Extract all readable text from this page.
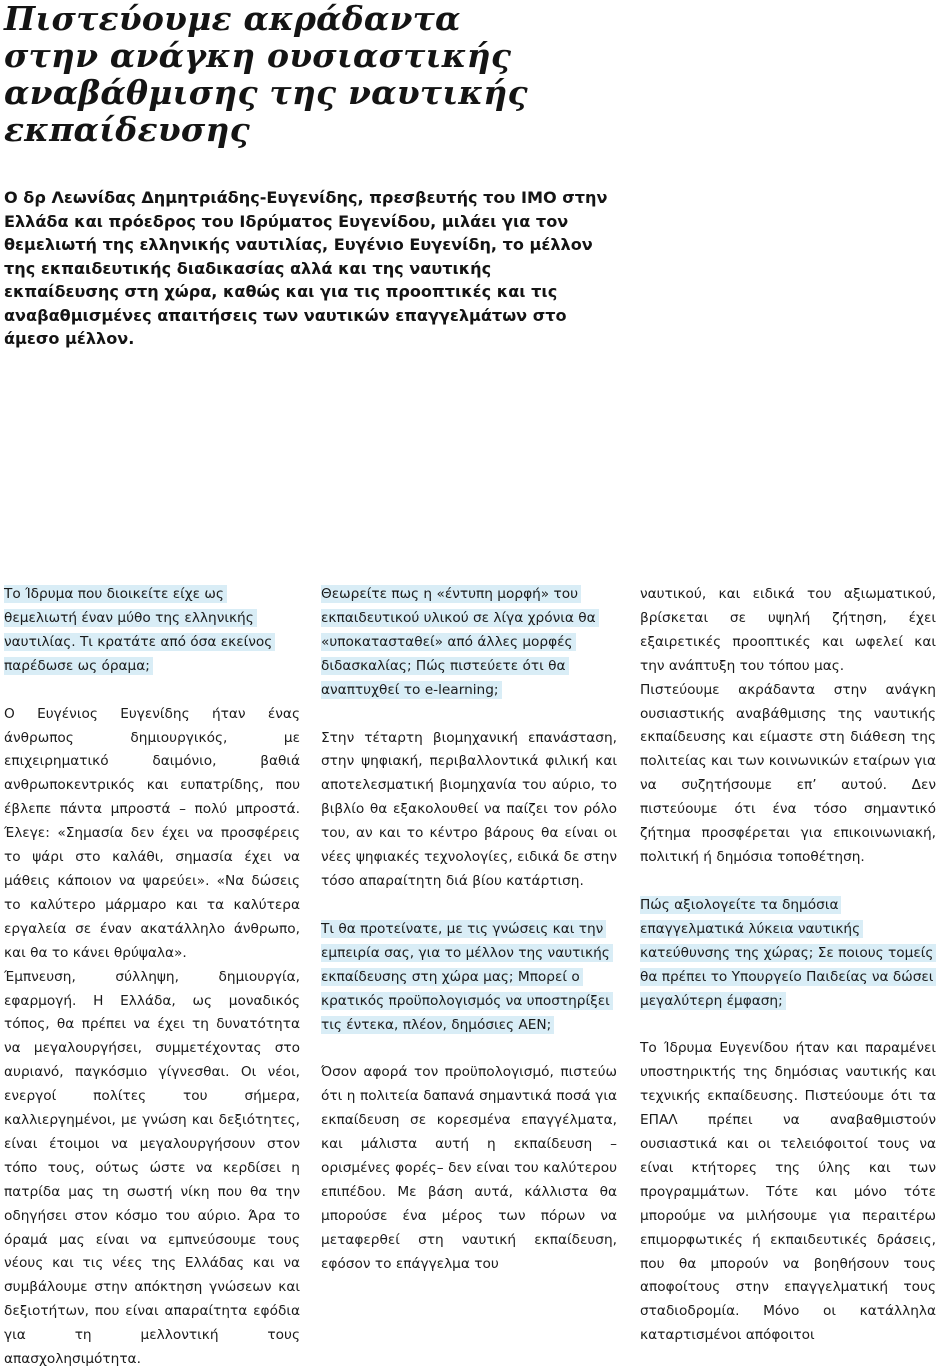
Πιστεύουμε ακράδαντα στην ανάγκη ουσιαστικής αναβάθμισης της ναυτικής εκπαίδευσης

Ο δρ Λεωνίδας Δημητριάδης-Ευγενίδης, πρεσβευτής του ΙΜΟ στην Ελλάδα και πρόεδρος του Ιδρύματος Ευγενίδου, μιλάει για τον θεμελιωτή της ελληνικής ναυτιλίας, Ευγένιο Ευγενίδη, το μέλλον της εκπαιδευτικής διαδικασίας αλλά και της ναυτικής εκπαίδευσης στη χώρα, καθώς και για τις προοπτικές και τις αναβαθμισμένες απαιτήσεις των ναυτικών επαγγελμάτων στο άμεσο μέλλον.

Το Ίδρυμα που διοικείτε είχε ως θεμελιωτή έναν μύθο της ελληνικής ναυτιλίας. Τι κρατάτε από όσα εκείνος παρέδωσε ως όραμα;

Ο Ευγένιος Ευγενίδης ήταν ένας άνθρωπος δημιουργικός, με επιχειρηματικό δαιμόνιο, βαθιά ανθρωποκεντρικός και ευπατρίδης, που έβλεπε πάντα μπροστά – πολύ μπροστά. Έλεγε: «Σημασία δεν έχει να προσφέρεις το ψάρι στο καλάθι, σημασία έχει να μάθεις κάποιον να ψαρεύει». «Να δώσεις το καλύτερο μάρμαρο και τα καλύτερα εργαλεία σε έναν ακατάλληλο άνθρωπο, και θα το κάνει θρύψαλα».

Έμπνευση, σύλληψη, δημιουργία, εφαρμογή. Η Ελλάδα, ως μοναδικός τόπος, θα πρέπει να έχει τη δυνατότητα να μεγαλουργήσει, συμμετέχοντας στο αυριανό, παγκόσμιο γίγνεσθαι. Οι νέοι, ενεργοί πολίτες του σήμερα, καλλιεργημένοι, με γνώση και δεξιότητες, είναι έτοιμοι να μεγαλουργήσουν στον τόπο τους, ούτως ώστε να κερδίσει η πατρίδα μας τη σωστή νίκη που θα την οδηγήσει στον κόσμο του αύριο. Άρα το όραμά μας είναι να εμπνεύσουμε τους νέους και τις νέες της Ελλάδας και να συμβάλουμε στην απόκτηση γνώσεων και δεξιοτήτων, που είναι απαραίτητα εφόδια για τη μελλοντική τους απασχολησιμότητα.

Θεωρείτε πως η «έντυπη μορφή» του εκπαιδευτικού υλικού σε λίγα χρόνια θα «υποκατασταθεί» από άλλες μορφές διδασκαλίας; Πώς πιστεύετε ότι θα αναπτυχθεί το e-learning;

Στην τέταρτη βιομηχανική επανάσταση, στην ψηφιακή, περιβαλλοντικά φιλική και αποτελεσματική βιομηχανία του αύριο, το βιβλίο θα εξακολουθεί να παίζει τον ρόλο του, αν και το κέντρο βάρους θα είναι οι νέες ψηφιακές τεχνολογίες, ειδικά δε στην τόσο απαραίτητη διά βίου κατάρτιση.

Τι θα προτείνατε, με τις γνώσεις και την εμπειρία σας, για το μέλλον της ναυτικής εκπαίδευσης στη χώρα μας; Μπορεί ο κρατικός προϋπολογισμός να υποστηρίξει τις έντεκα, πλέον, δημόσιες ΑΕΝ;

Όσον αφορά τον προϋπολογισμό, πιστεύω ότι η πολιτεία δαπανά σημαντικά ποσά για εκπαίδευση σε κορεσμένα επαγγέλματα, και μάλιστα αυτή η εκπαίδευση –ορισμένες φορές– δεν είναι του καλύτερου επιπέδου. Με βάση αυτά, κάλλιστα θα μπορούσε ένα μέρος των πόρων να μεταφερθεί στη ναυτική εκπαίδευση, εφόσον το επάγγελμα του

ναυτικού, και ειδικά του αξιωματικού, βρίσκεται σε υψηλή ζήτηση, έχει εξαιρετικές προοπτικές και ωφελεί και την ανάπτυξη του τόπου μας.

Πιστεύουμε ακράδαντα στην ανάγκη ουσιαστικής αναβάθμισης της ναυτικής εκπαίδευσης και είμαστε στη διάθεση της πολιτείας και των κοινωνικών εταίρων για να συζητήσουμε επ’ αυτού. Δεν πιστεύουμε ότι ένα τόσο σημαντικό ζήτημα προσφέρεται για επικοινωνιακή, πολιτική ή δημόσια τοποθέτηση.

Πώς αξιολογείτε τα δημόσια επαγγελματικά λύκεια ναυτικής κατεύθυνσης της χώρας; Σε ποιους τομείς θα πρέπει το Υπουργείο Παιδείας να δώσει μεγαλύτερη έμφαση;

Το Ίδρυμα Ευγενίδου ήταν και παραμένει υποστηρικτής της δημόσιας ναυτικής και τεχνικής εκπαίδευσης. Πιστεύουμε ότι τα ΕΠΑΛ πρέπει να αναβαθμιστούν ουσιαστικά και οι τελειόφοιτοί τους να είναι κτήτορες της ύλης και των προγραμμάτων. Τότε και μόνο τότε μπορούμε να μιλήσουμε για περαιτέρω επιμορφωτικές ή εκπαιδευτικές δράσεις, που θα μπορούν να βοηθήσουν τους αποφοίτους στην επαγγελματική τους σταδιοδρομία. Μόνο οι κατάλληλα καταρτισμένοι απόφοιτοι
